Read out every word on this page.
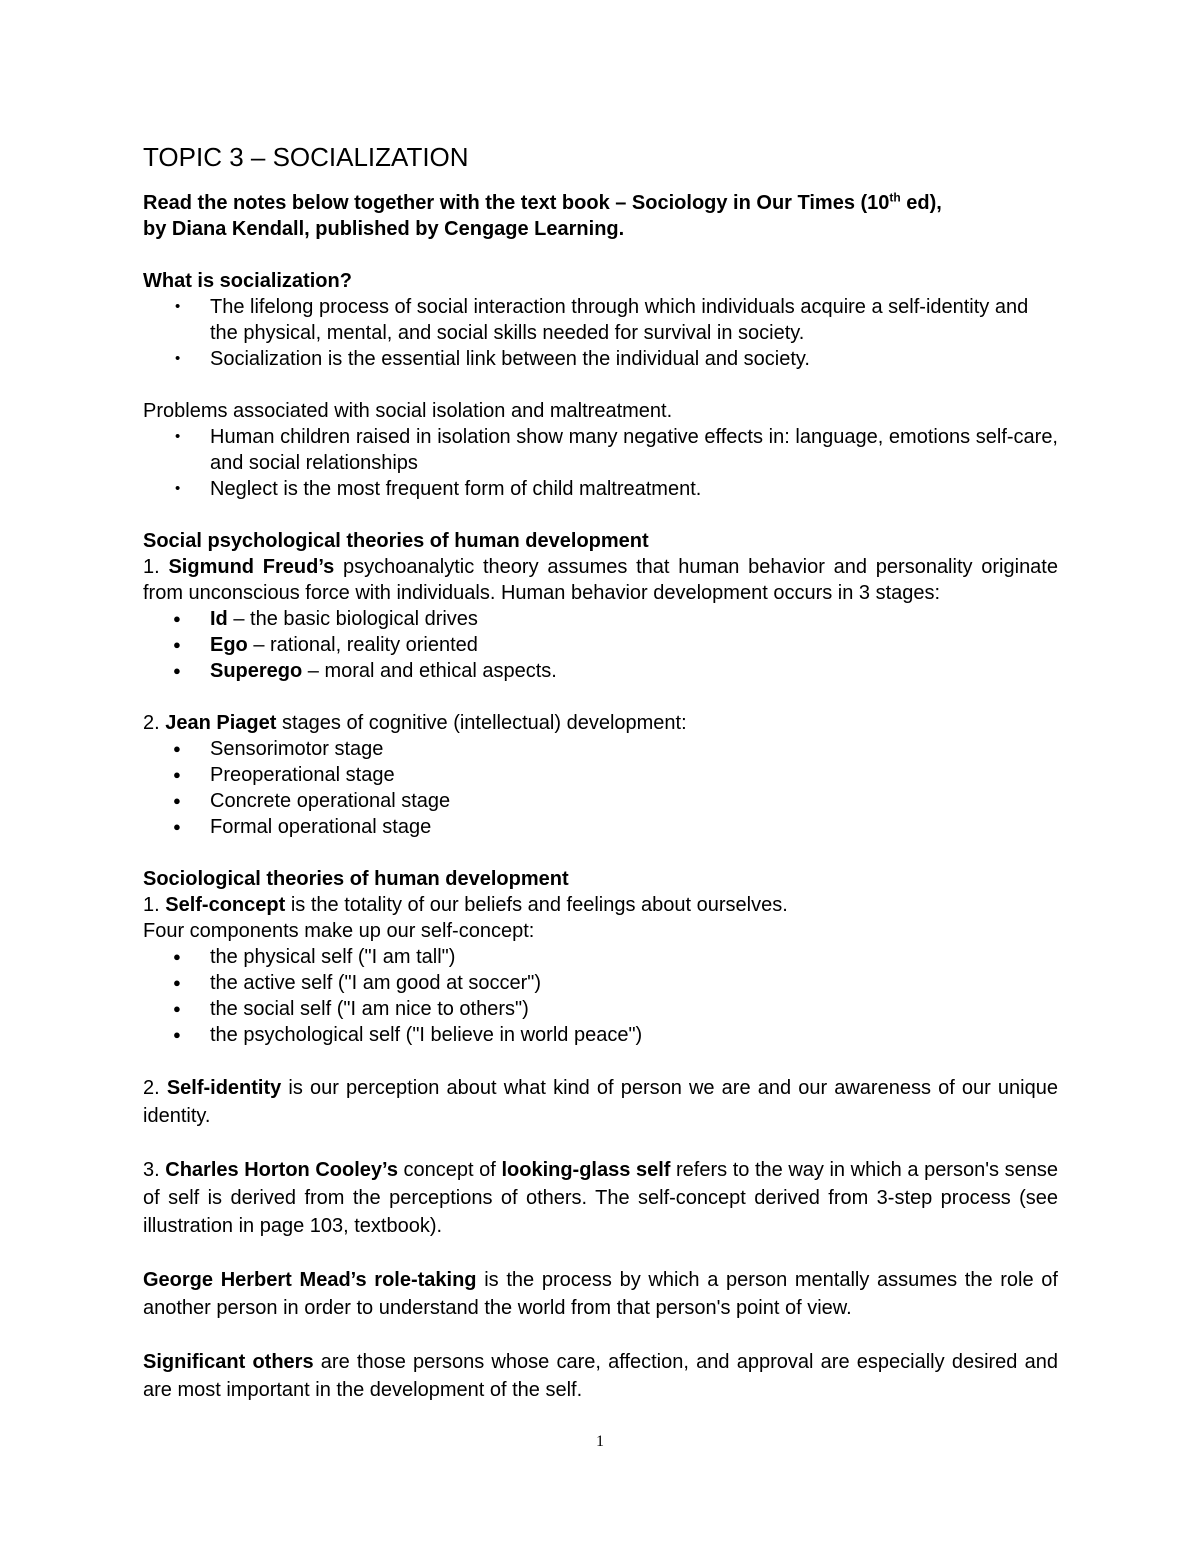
TOPIC 3 – SOCIALIZATION

Read the notes below together with the text book – Sociology in Our Times (10th ed),

by Diana Kendall, published by Cengage Learning.

What is socialization?

• The lifelong process of social interaction through which individuals acquire a self-identity and the physical, mental, and social skills needed for survival in society.
• Socialization is the essential link between the individual and society.

Problems associated with social isolation and maltreatment.

• Human children raised in isolation show many negative effects in: language, emotions self-care, and social relationships
• Neglect is the most frequent form of child maltreatment.

Social psychological theories of human development

1. Sigmund Freud’s psychoanalytic theory assumes that human behavior and personality originate from unconscious force with individuals. Human behavior development occurs in 3 stages:

● Id – the basic biological drives
● Ego – rational, reality oriented
● Superego – moral and ethical aspects.

2. Jean Piaget stages of cognitive (intellectual) development:

● Sensorimotor stage
● Preoperational stage
● Concrete operational stage
● Formal operational stage

Sociological theories of human development

1. Self-concept is the totality of our beliefs and feelings about ourselves.

Four components make up our self-concept:

● the physical self ("I am tall")
● the active self ("I am good at soccer")
● the social self ("I am nice to others")
● the psychological self ("I believe in world peace")

2. Self-identity is our perception about what kind of person we are and our awareness of our unique identity.

3. Charles Horton Cooley’s concept of looking-glass self refers to the way in which a person's sense of self is derived from the perceptions of others. The self-concept derived from 3-step process (see illustration in page 103, textbook).

George Herbert Mead’s role-taking is the process by which a person mentally assumes the role of another person in order to understand the world from that person's point of view.

Significant others are those persons whose care, affection, and approval are especially desired and are most important in the development of the self.

1
